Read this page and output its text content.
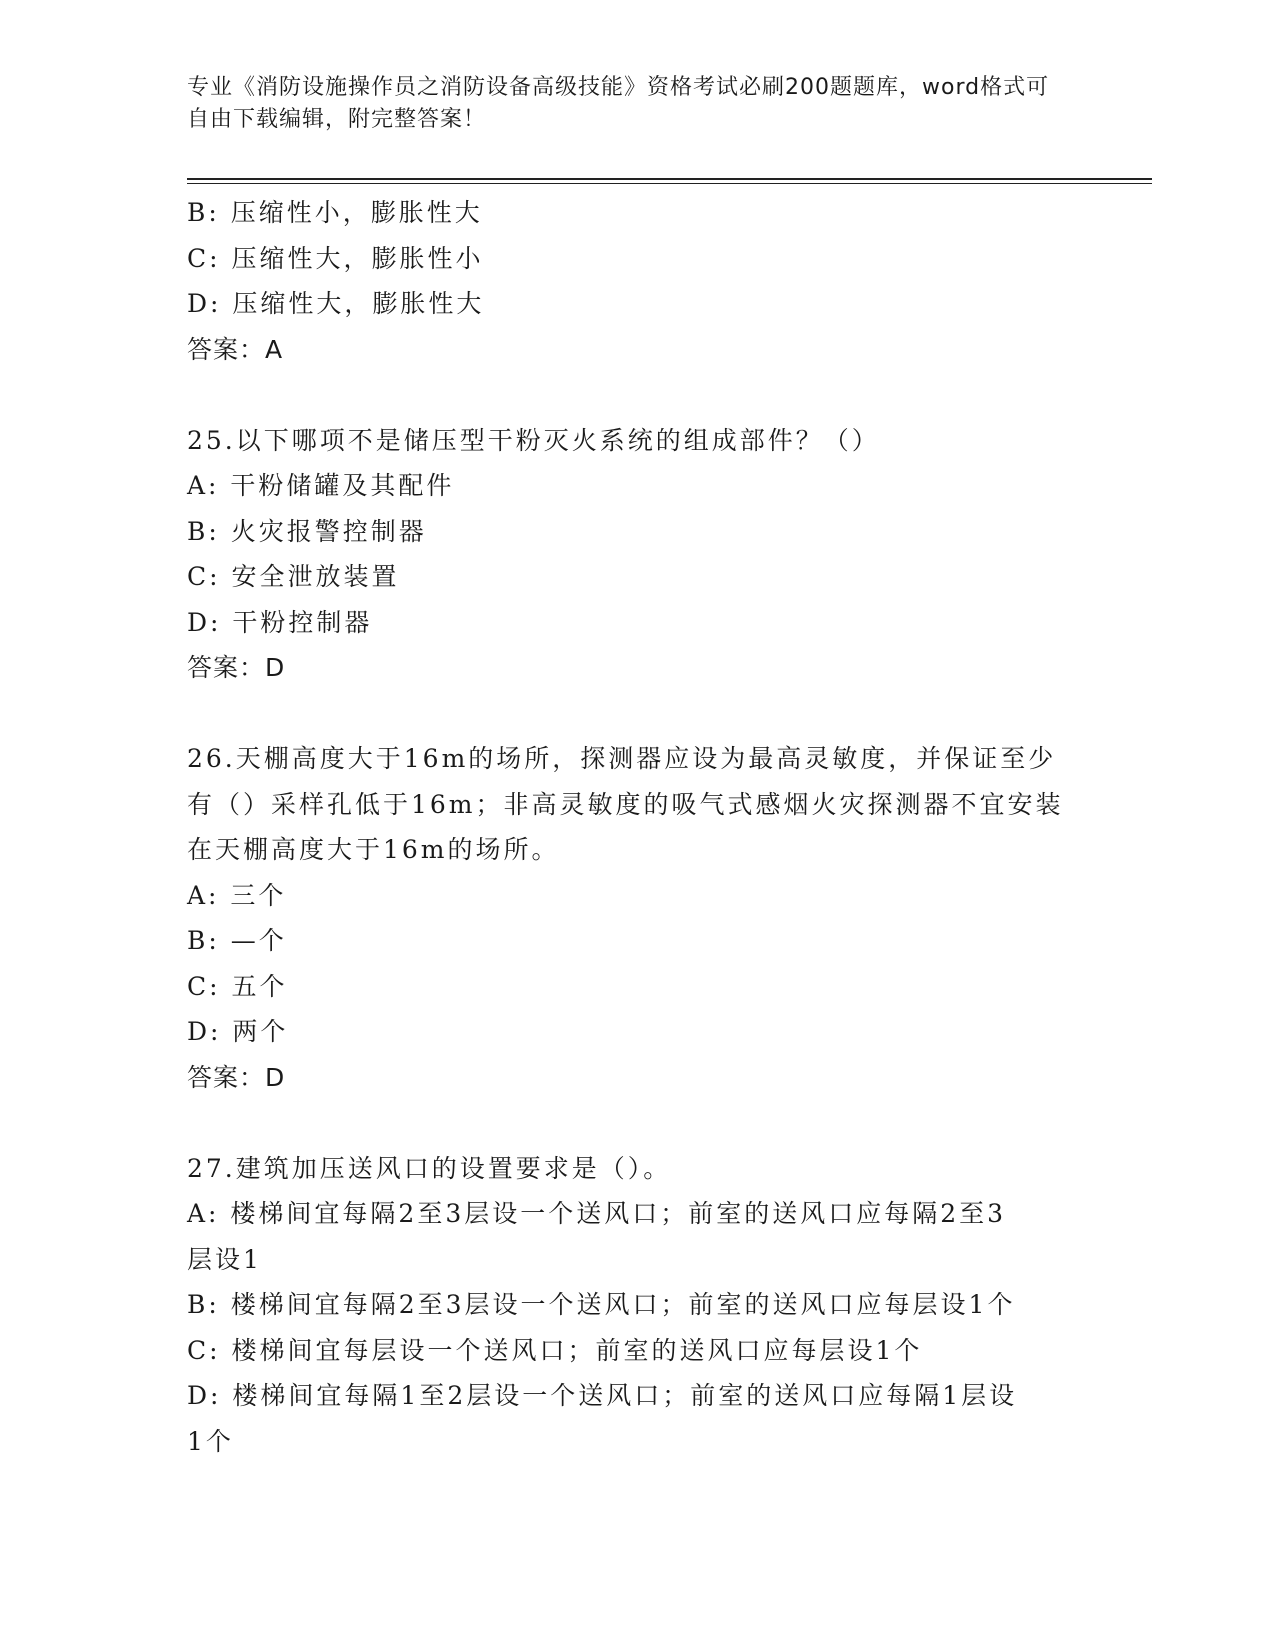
专业《消防设施操作员之消防设备高级技能》资格考试必刷200题题库，word格式可自由下载编辑，附完整答案！
B: 压缩性小，膨胀性大
C: 压缩性大，膨胀性小
D: 压缩性大，膨胀性大
答案：A
25.以下哪项不是储压型干粉灭火系统的组成部件？（）
A: 干粉储罐及其配件
B: 火灾报警控制器
C: 安全泄放装置
D: 干粉控制器
答案：D
26.天棚高度大于16m的场所，探测器应设为最高灵敏度，并保证至少
有（）采样孔低于16m；非高灵敏度的吸气式感烟火灾探测器不宜安装
在天棚高度大于16m的场所。
A: 三个
B: —个
C: 五个
D: 两个
答案：D
27.建筑加压送风口的设置要求是（）。
A: 楼梯间宜每隔2至3层设一个送风口；前室的送风口应每隔2至3
层设1
B: 楼梯间宜每隔2至3层设一个送风口；前室的送风口应每层设1个
C: 楼梯间宜每层设一个送风口；前室的送风口应每层设1个
D: 楼梯间宜每隔1至2层设一个送风口；前室的送风口应每隔1层设
1个
